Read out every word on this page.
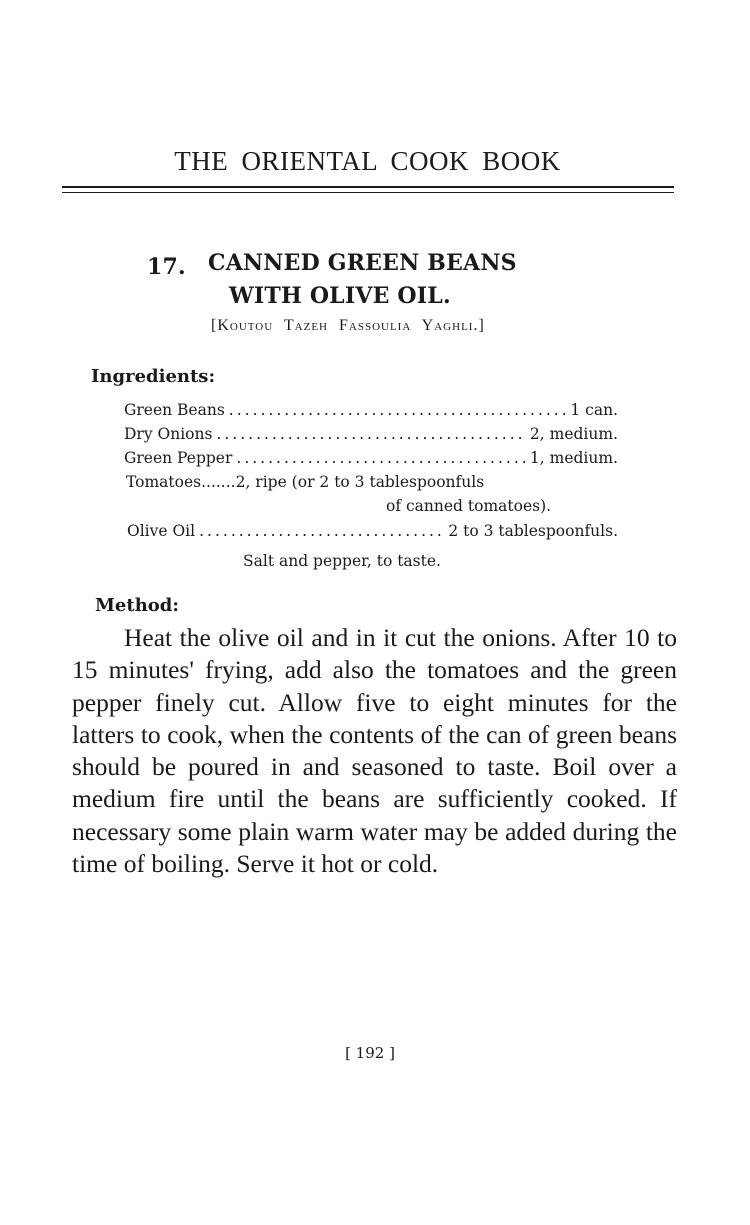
THE ORIENTAL COOK BOOK
17. CANNED GREEN BEANS
WITH OLIVE OIL.
[Koutou Tazeh Fassoulia Yaghli.]
Ingredients:
Green Beans .....	1 can.
Dry Onions .....	2, medium.
Green Pepper .....	1, medium.
Tomatoes.......2, ripe (or 2 to 3 tablespoonfuls
of canned tomatoes).
Olive Oil .....	2 to 3 tablespoonfuls.
Salt and pepper, to taste.
Method:

Heat the olive oil and in it cut the onions. After 10 to 15 minutes' frying, add also the tomatoes and the green pepper finely cut. Allow five to eight minutes for the latters to cook, when the contents of the can of green beans should be poured in and seasoned to taste. Boil over a medium fire until the beans are sufficiently cooked. If necessary some plain warm water may be added during the time of boiling. Serve it hot or cold.

[ 192 ]
